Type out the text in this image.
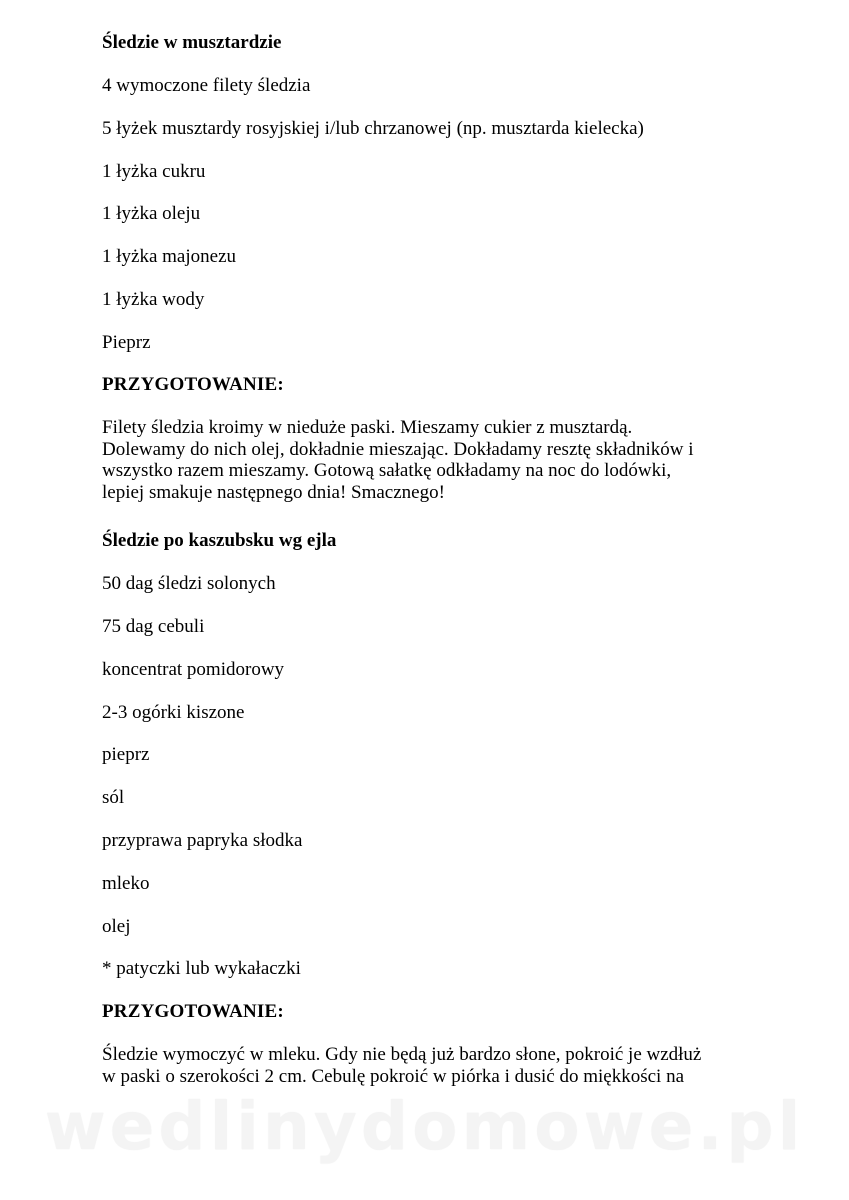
Śledzie w musztardzie
4 wymoczone filety śledzia
5 łyżek musztardy rosyjskiej i/lub chrzanowej (np. musztarda kielecka)
1 łyżka cukru
1 łyżka oleju
1 łyżka majonezu
1 łyżka wody
Pieprz
PRZYGOTOWANIE:
Filety śledzia kroimy w nieduże paski. Mieszamy cukier z musztardą.
Dolewamy do nich olej, dokładnie mieszając. Dokładamy resztę składników i
wszystko razem mieszamy. Gotową sałatkę odkładamy na noc do lodówki,
lepiej smakuje następnego dnia! Smacznego!
Śledzie po kaszubsku wg ejla
50 dag śledzi solonych
75 dag cebuli
koncentrat pomidorowy
2-3 ogórki kiszone
pieprz
sól
przyprawa papryka słodka
mleko
olej
* patyczki lub wykałaczki
PRZYGOTOWANIE:
Śledzie wymoczyć w mleku. Gdy nie będą już bardzo słone, pokroić je wzdłuż
w paski o szerokości 2 cm. Cebulę pokroić w piórka i dusić do miękkości na
wedlinydomowe.pl
